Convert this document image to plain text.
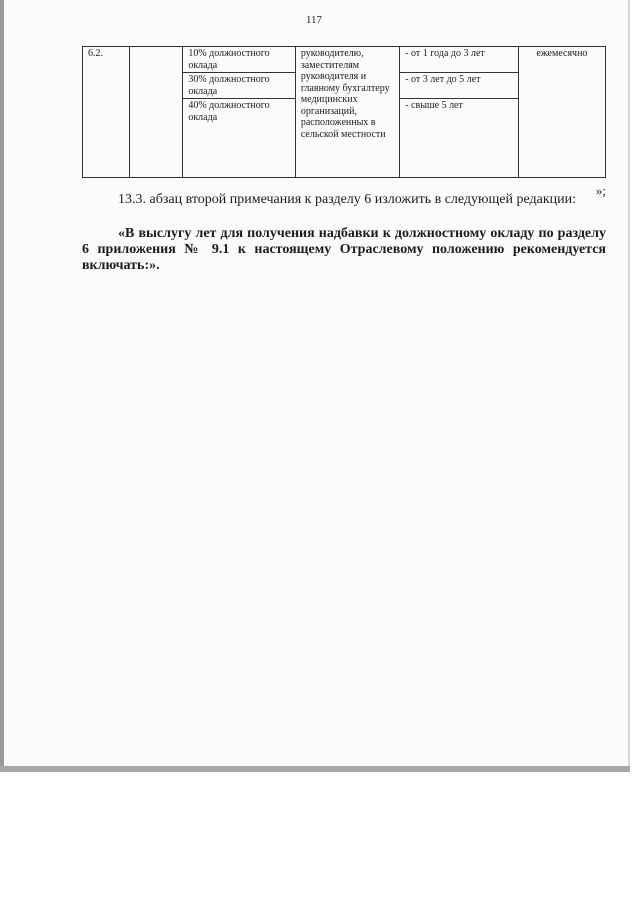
117
6.2.		10% должностного оклада	руководителю, заместителям руководителя и главному бухгалтеру медицинских организаций, расположенных в сельской местности	- от 1 года до 3 лет	ежемесячно
		30% должностного оклада		- от 3 лет до 5 лет	
		40% должностного оклада		- свыше 5 лет	
»;

13.3. абзац второй примечания к разделу 6 изложить в следующей редакции:

«В выслугу лет для получения надбавки к должностному окладу по разделу 6 приложения № 9.1 к настоящему Отраслевому положению рекомендуется включать:».
